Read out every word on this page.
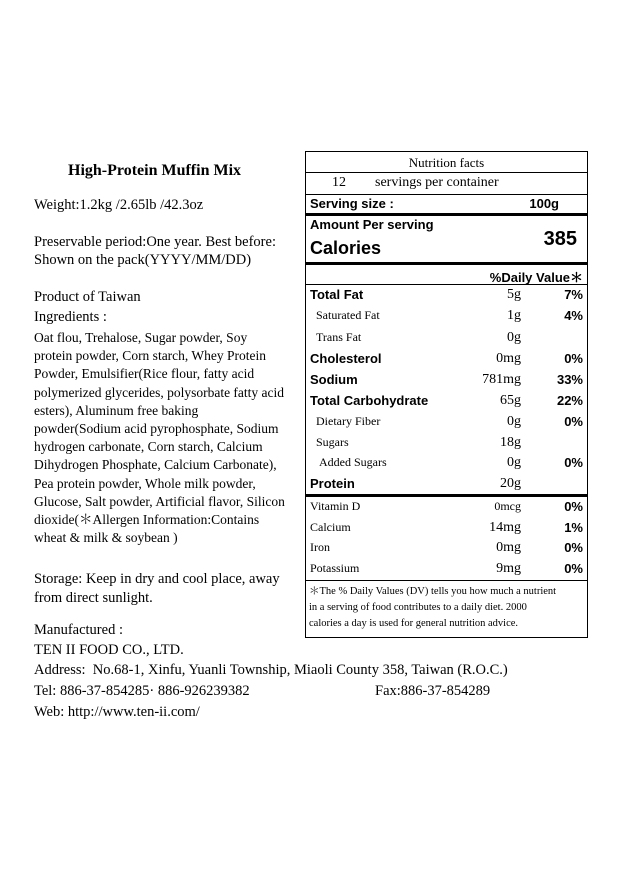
High-Protein Muffin Mix
Weight:1.2kg /2.65lb /42.3oz
Preservable period:One year. Best before:
Shown on the pack(YYYY/MM/DD)
Product of Taiwan
Ingredients :
Oat flou, Trehalose, Sugar powder, Soy
protein powder, Corn starch, Whey Protein
Powder, Emulsifier(Rice flour, fatty acid
polymerized glycerides, polysorbate fatty acid
esters), Aluminum free baking
powder(Sodium acid pyrophosphate, Sodium
hydrogen carbonate, Corn starch, Calcium
Dihydrogen Phosphate, Calcium Carbonate),
Pea protein powder, Whole milk powder,
Glucose, Salt powder, Artificial flavor, Silicon
dioxide(＊Allergen Information:Contains
wheat & milk & soybean )
Storage: Keep in dry and cool place, away
from direct sunlight.
Manufactured :
TEN II FOOD CO., LTD.
Address:  No.68-1, Xinfu, Yuanli Township, Miaoli County 358, Taiwan (R.O.C.)
Tel: 886-37-854285· 886-926239382	Fax:886-37-854289
Web: http://www.ten-ii.com/
Nutrition facts
12 servings per container
Serving size :	100g
Amount Per serving
Calories	385
%Daily Value＊
Total Fat	5g	7%
Saturated Fat	1g	4%
Trans Fat	0g
Cholesterol	0mg	0%
Sodium	781mg	33%
Total Carbohydrate	65g	22%
Dietary Fiber	0g	0%
Sugars	18g
Added Sugars	0g	0%
Protein	20g
Vitamin D	0mcg	0%
Calcium	14mg	1%
Iron	0mg	0%
Potassium	9mg	0%
＊The % Daily Values (DV) tells you how much a nutrient
in a serving of food contributes to a daily diet. 2000
calories a day is used for general nutrition advice.
